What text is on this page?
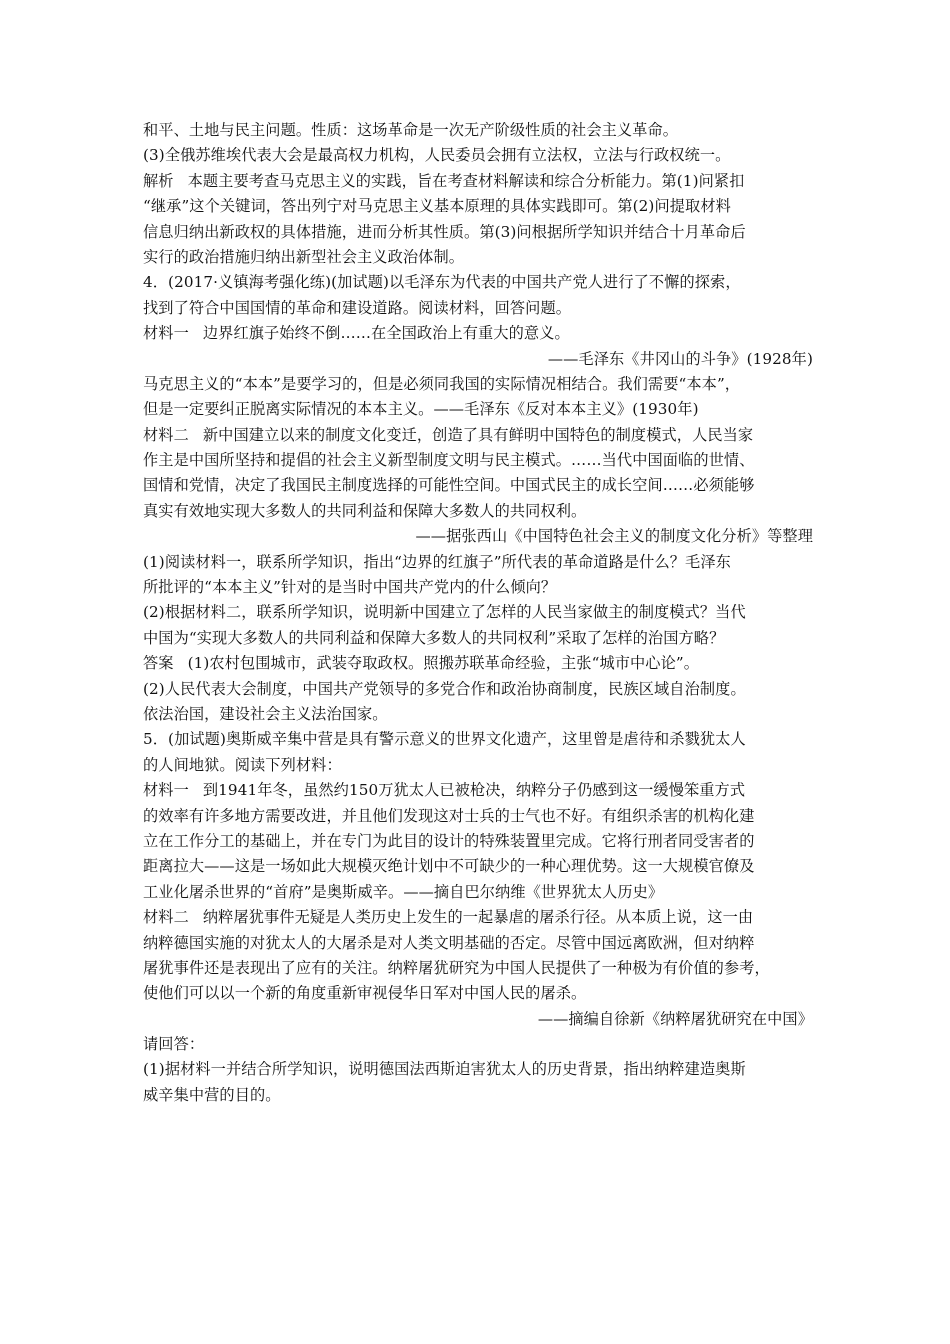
和平、土地与民主问题。性质：这场革命是一次无产阶级性质的社会主义革命。
(3)全俄苏维埃代表大会是最高权力机构，人民委员会拥有立法权，立法与行政权统一。
解析 本题主要考查马克思主义的实践，旨在考查材料解读和综合分析能力。第(1)问紧扣
“继承”这个关键词，答出列宁对马克思主义基本原理的具体实践即可。第(2)问提取材料
信息归纳出新政权的具体措施，进而分析其性质。第(3)问根据所学知识并结合十月革命后
实行的政治措施归纳出新型社会主义政治体制。
4．(2017·义镇海考强化练)(加试题)以毛泽东为代表的中国共产党人进行了不懈的探索，
找到了符合中国国情的革命和建设道路。阅读材料，回答问题。
材料一 边界红旗子始终不倒……在全国政治上有重大的意义。
——毛泽东《井冈山的斗争》(1928年)
马克思主义的“本本”是要学习的，但是必须同我国的实际情况相结合。我们需要“本本”，
但是一定要纠正脱离实际情况的本本主义。——毛泽东《反对本本主义》(1930年)
材料二 新中国建立以来的制度文化变迁，创造了具有鲜明中国特色的制度模式，人民当家
作主是中国所坚持和提倡的社会主义新型制度文明与民主模式。……当代中国面临的世情、
国情和党情，决定了我国民主制度选择的可能性空间。中国式民主的成长空间……必须能够
真实有效地实现大多数人的共同利益和保障大多数人的共同权利。
——据张西山《中国特色社会主义的制度文化分析》等整理
(1)阅读材料一，联系所学知识，指出“边界的红旗子”所代表的革命道路是什么？毛泽东
所批评的“本本主义”针对的是当时中国共产党内的什么倾向？
(2)根据材料二，联系所学知识，说明新中国建立了怎样的人民当家做主的制度模式？当代
中国为“实现大多数人的共同利益和保障大多数人的共同权利”采取了怎样的治国方略？
答案 (1)农村包围城市，武装夺取政权。照搬苏联革命经验，主张“城市中心论”。
(2)人民代表大会制度，中国共产党领导的多党合作和政治协商制度，民族区域自治制度。
依法治国，建设社会主义法治国家。
5．(加试题)奥斯威辛集中营是具有警示意义的世界文化遗产，这里曾是虐待和杀戮犹太人
的人间地狱。阅读下列材料：
材料一 到1941年冬，虽然约150万犹太人已被枪决，纳粹分子仍感到这一缓慢笨重方式
的效率有许多地方需要改进，并且他们发现这对士兵的士气也不好。有组织杀害的机构化建
立在工作分工的基础上，并在专门为此目的设计的特殊装置里完成。它将行刑者同受害者的
距离拉大——这是一场如此大规模灭绝计划中不可缺少的一种心理优势。这一大规模官僚及
工业化屠杀世界的“首府”是奥斯威辛。——摘自巴尔纳维《世界犹太人历史》
材料二 纳粹屠犹事件无疑是人类历史上发生的一起暴虐的屠杀行径。从本质上说，这一由
纳粹德国实施的对犹太人的大屠杀是对人类文明基础的否定。尽管中国远离欧洲，但对纳粹
屠犹事件还是表现出了应有的关注。纳粹屠犹研究为中国人民提供了一种极为有价值的参考，
使他们可以以一个新的角度重新审视侵华日军对中国人民的屠杀。
——摘编自徐新《纳粹屠犹研究在中国》
请回答：
(1)据材料一并结合所学知识，说明德国法西斯迫害犹太人的历史背景，指出纳粹建造奥斯
威辛集中营的目的。
